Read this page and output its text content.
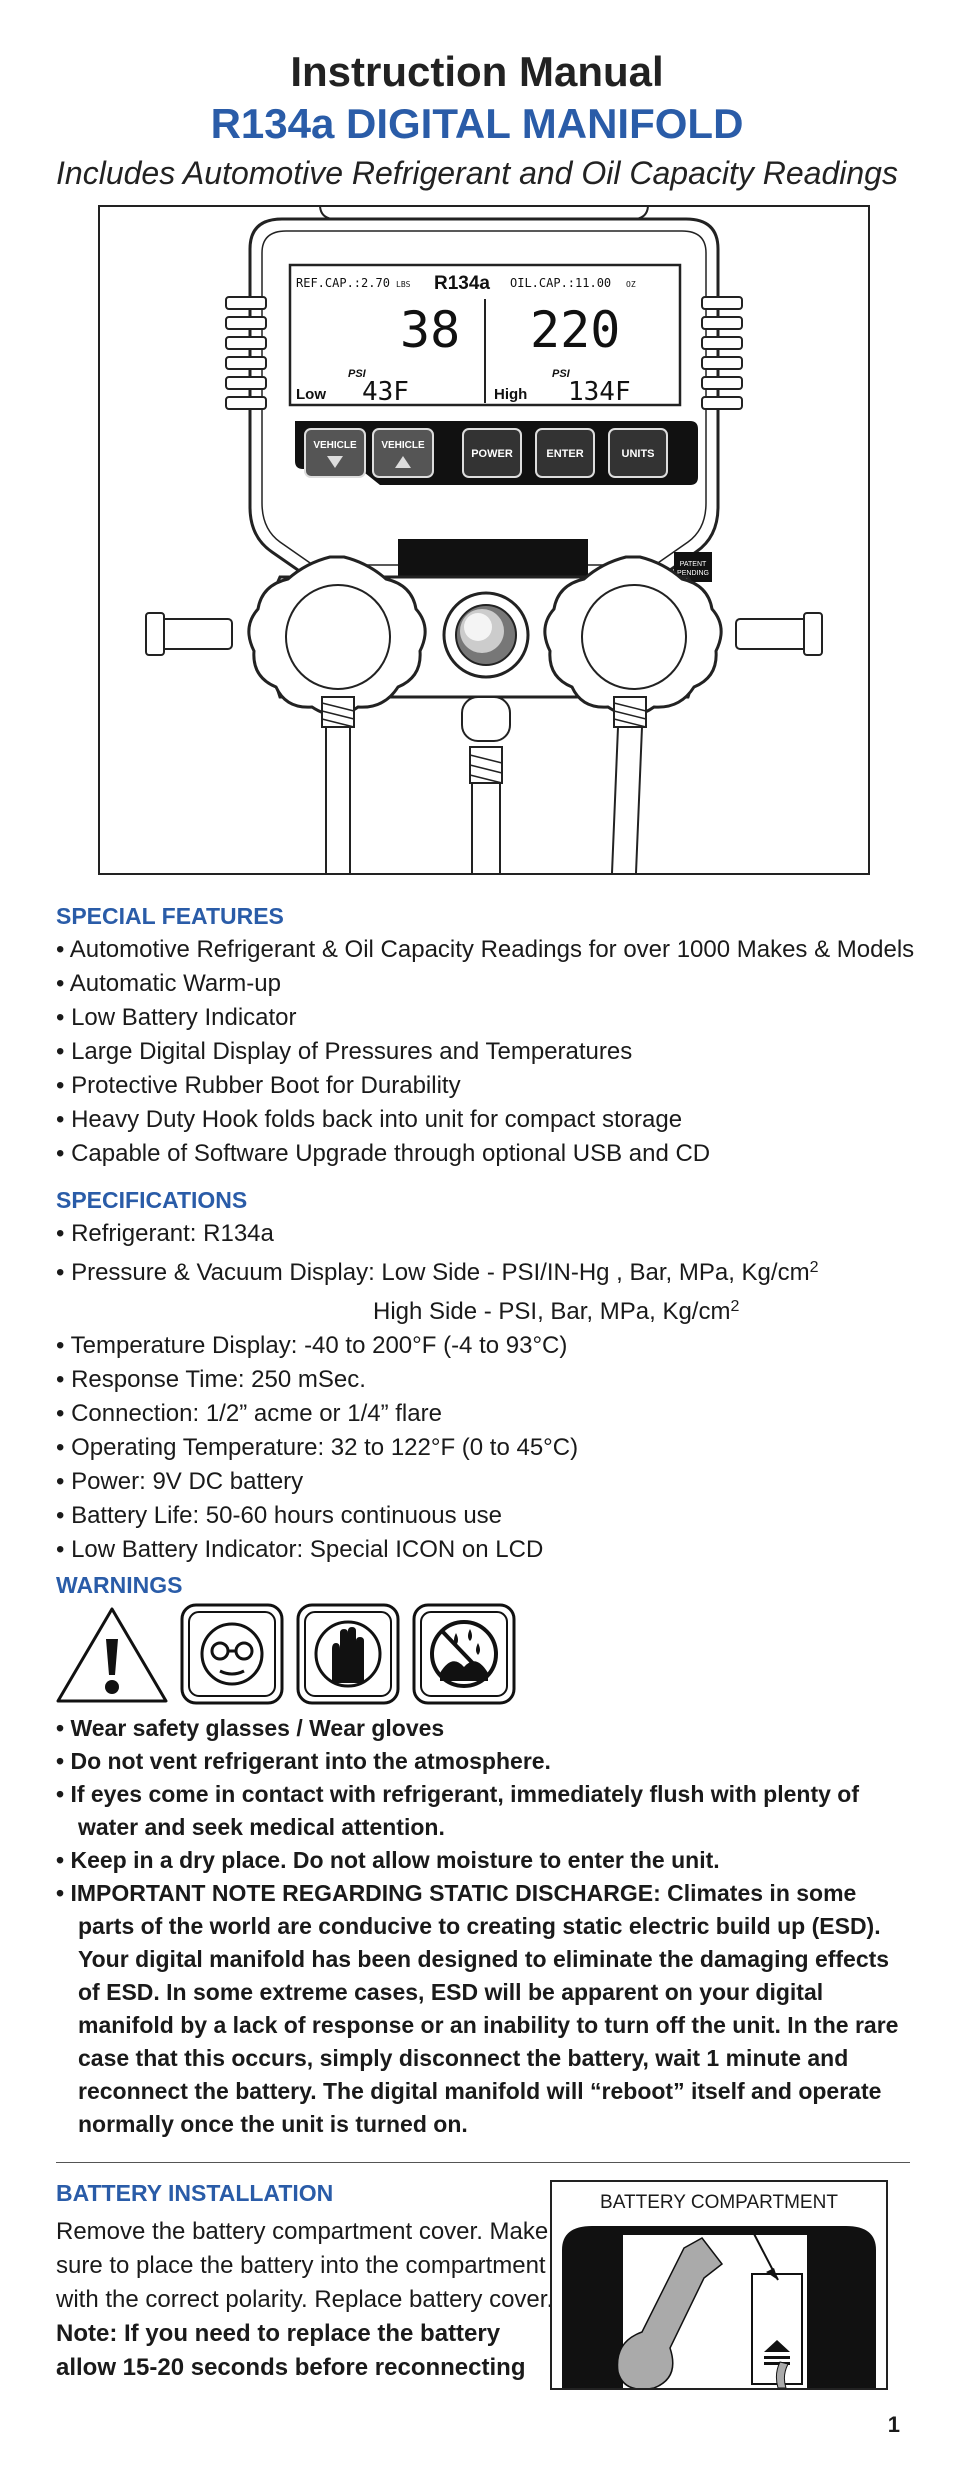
Instruction Manual
R134a DIGITAL MANIFOLD
Includes Automotive Refrigerant and Oil Capacity Readings
REF.CAP.:2.70 LBS R134a OIL.CAP.:11.00 OZ
38 220
PSI	PSI
Low 43F	High 134F
VEHICLE VEHICLE
POWER	ENTER	UNITS
PATENT
PENDING
SPECIAL FEATURES
• Automotive Refrigerant & Oil Capacity Readings for over 1000 Makes & Models
• Automatic Warm-up
• Low Battery Indicator
• Large Digital Display of Pressures and Temperatures
• Protective Rubber Boot for Durability
• Heavy Duty Hook folds back into unit for compact storage
• Capable of Software Upgrade through optional USB and CD
SPECIFICATIONS
• Refrigerant: R134a
• Pressure & Vacuum Display: Low Side - PSI/IN-Hg , Bar, MPa, $Kg/cm^2$
High Side - PSI, Bar, MPa, $Kg/cm^2$
• Temperature Display: -40 to 200°F (-4 to 93°C)
• Response Time: 250 mSec.
• Connection: 1/2” acme or 1/4” flare
• Operating Temperature: 32 to 122°F (0 to 45°C)
• Power: 9V DC battery
• Battery Life: 50-60 hours continuous use
• Low Battery Indicator: Special ICON on LCD
WARNINGS
• Wear safety glasses / Wear gloves
• Do not vent refrigerant into the atmosphere.
• If eyes come in contact with refrigerant, immediately flush with plenty of water and seek medical attention.
• Keep in a dry place. Do not allow moisture to enter the unit.
• IMPORTANT NOTE REGARDING STATIC DISCHARGE: Climates in some parts of the world are conducive to creating static electric build up (ESD). Your digital manifold has been designed to eliminate the damaging effects of ESD. In some extreme cases, ESD will be apparent on your digital manifold by a lack of response or an inability to turn off the unit. In the rare case that this occurs, simply disconnect the battery, wait 1 minute and reconnect the battery. The digital manifold will “reboot” itself and operate normally once the unit is turned on.
BATTERY INSTALLATION
Remove the battery compartment cover. Make sure to place the battery into the compartment with the correct polarity. Replace battery cover.
Note: If you need to replace the battery allow 15-20 seconds before reconnecting
BATTERY COMPARTMENT
1
